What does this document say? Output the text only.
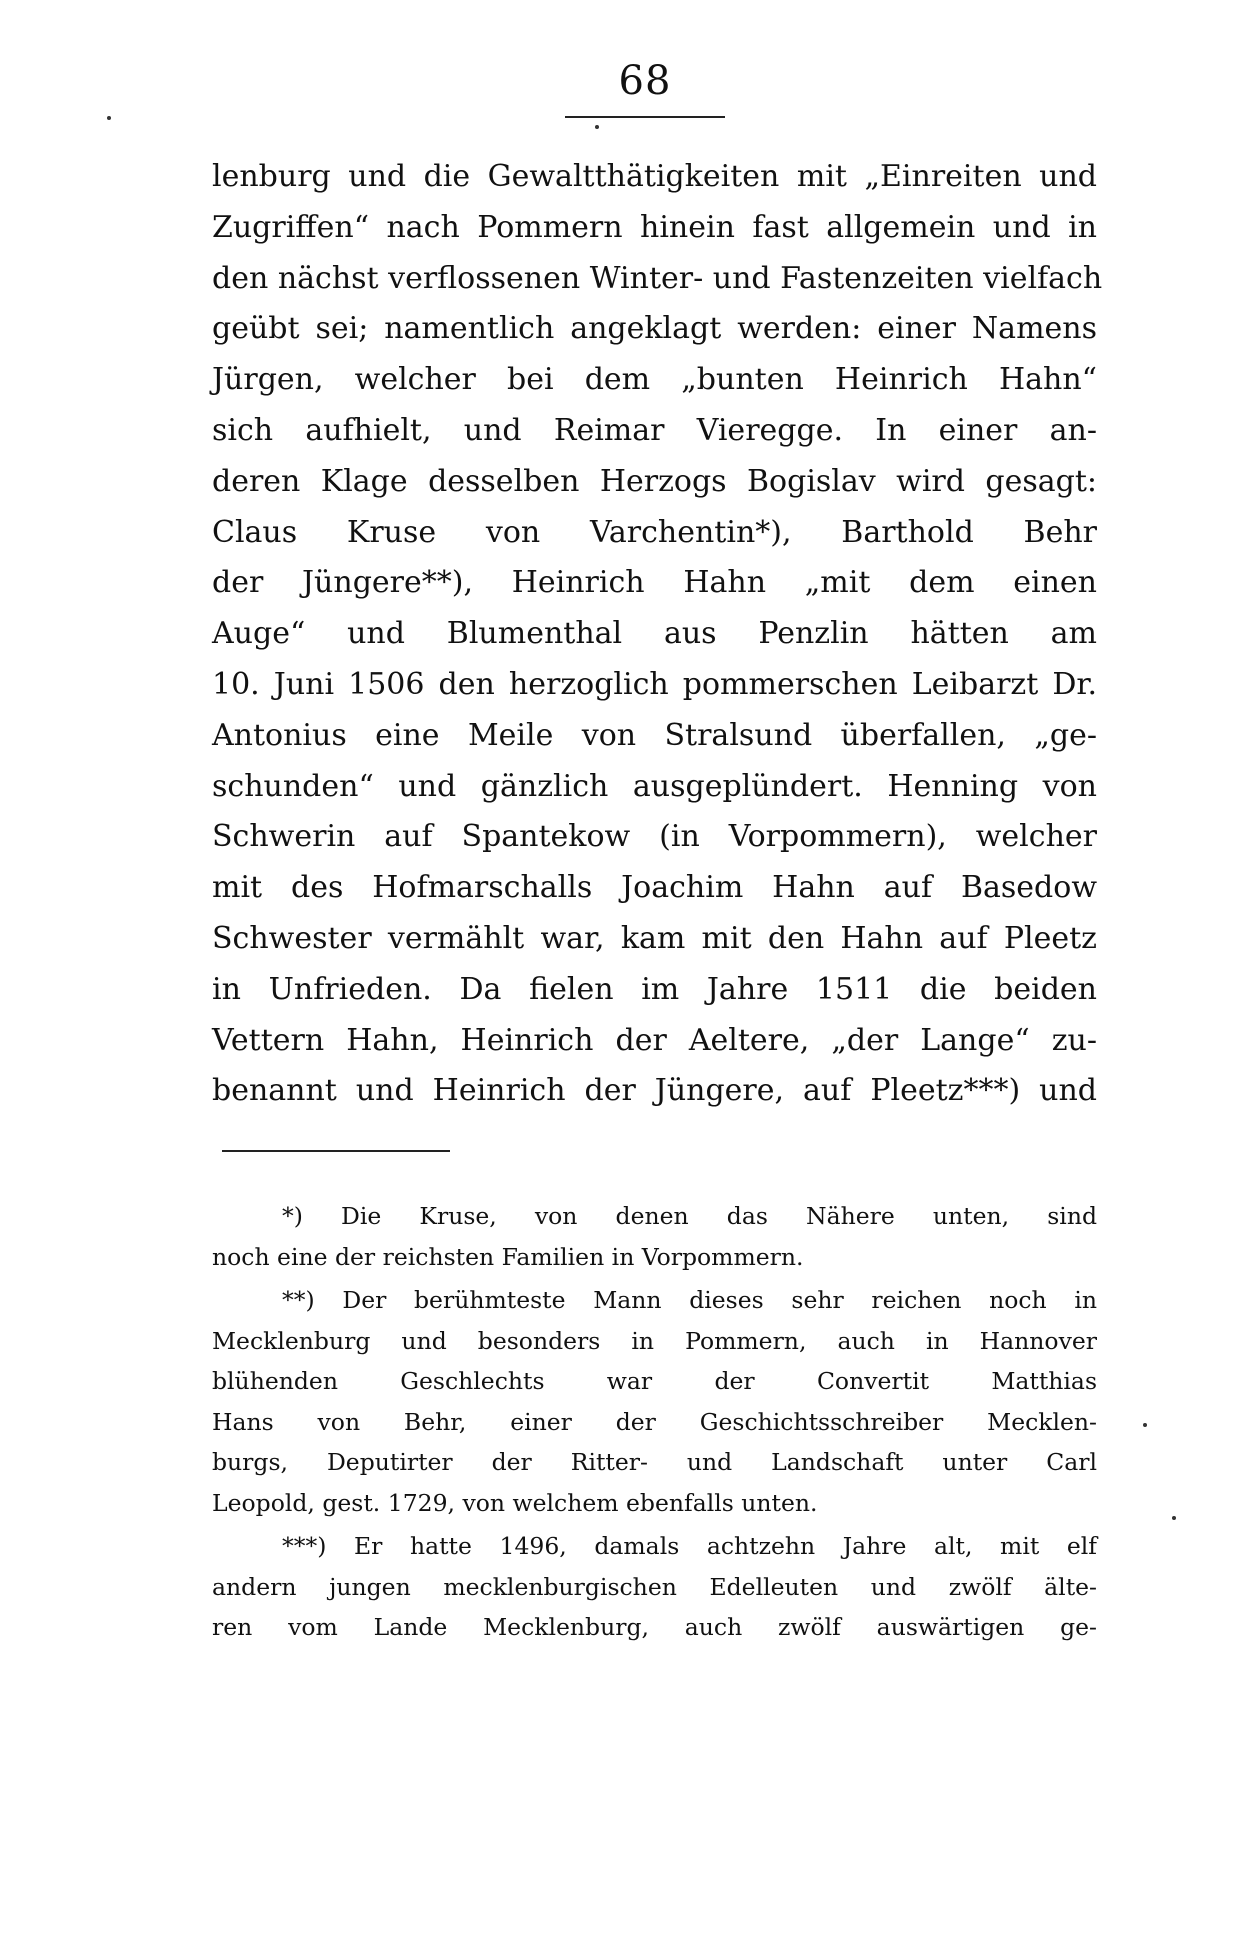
68
lenburg und die Gewaltthätigkeiten mit „Einreiten und
Zugriffen“ nach Pommern hinein fast allgemein und in
den nächst verflossenen Winter- und Fastenzeiten vielfach
geübt sei; namentlich angeklagt werden: einer Namens
Jürgen, welcher bei dem „bunten Heinrich Hahn“
sich aufhielt, und Reimar Vieregge. In einer an-
deren Klage desselben Herzogs Bogislav wird gesagt:
Claus Kruse von Varchentin*), Barthold Behr
der Jüngere**), Heinrich Hahn „mit dem einen
Auge“ und Blumenthal aus Penzlin hätten am
10. Juni 1506 den herzoglich pommerschen Leibarzt Dr.
Antonius eine Meile von Stralsund überfallen, „ge-
schunden“ und gänzlich ausgeplündert. Henning von
Schwerin auf Spantekow (in Vorpommern), welcher
mit des Hofmarschalls Joachim Hahn auf Basedow
Schwester vermählt war, kam mit den Hahn auf Pleetz
in Unfrieden. Da fielen im Jahre 1511 die beiden
Vettern Hahn, Heinrich der Aeltere, „der Lange“ zu-
benannt und Heinrich der Jüngere, auf Pleetz***) und
*) Die Kruse, von denen das Nähere unten, sind
noch eine der reichsten Familien in Vorpommern.
**) Der berühmteste Mann dieses sehr reichen noch in
Mecklenburg und besonders in Pommern, auch in Hannover
blühenden Geschlechts war der Convertit Matthias
Hans von Behr, einer der Geschichtsschreiber Mecklen-
burgs, Deputirter der Ritter- und Landschaft unter Carl
Leopold, gest. 1729, von welchem ebenfalls unten.
***) Er hatte 1496, damals achtzehn Jahre alt, mit elf
andern jungen mecklenburgischen Edelleuten und zwölf älte-
ren vom Lande Mecklenburg, auch zwölf auswärtigen ge-
